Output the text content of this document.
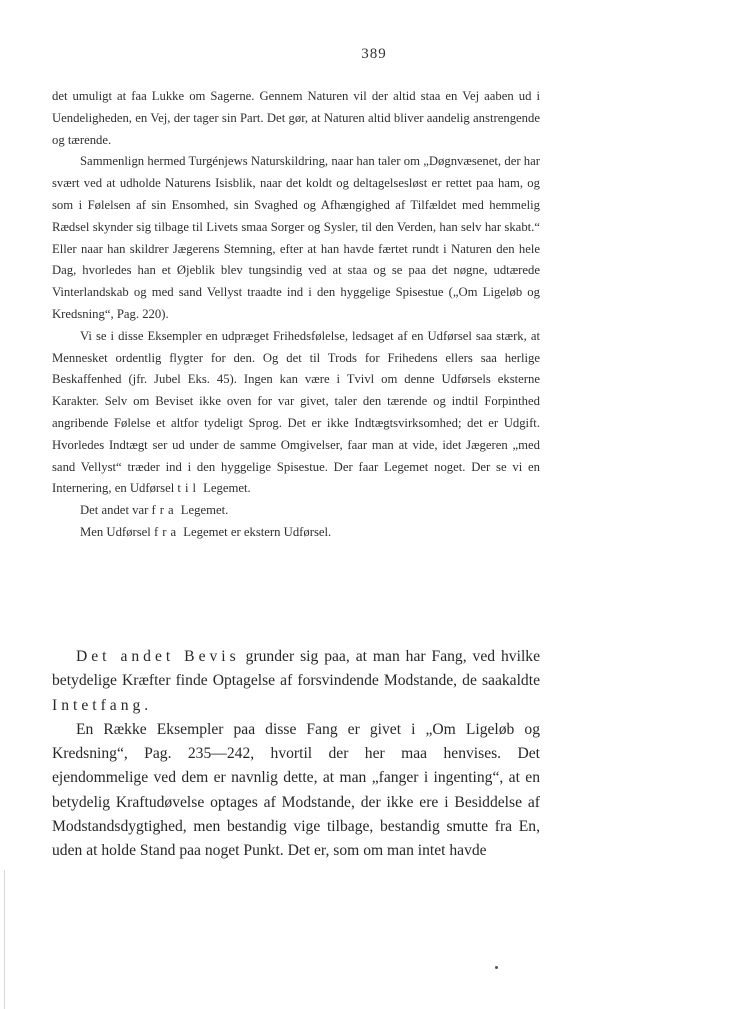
389

det umuligt at faa Lukke om Sagerne. Gennem Naturen vil der altid staa en Vej aaben ud i Uendeligheden, en Vej, der tager sin Part. Det gør, at Naturen altid bliver aandelig anstrengende og tærende.

Sammenlign hermed Turgénjews Naturskildring, naar han taler om „Døgnvæsenet, der har svært ved at udholde Naturens Isisblik, naar det koldt og deltagelsesløst er rettet paa ham, og som i Følelsen af sin Ensomhed, sin Svaghed og Afhængighed af Tilfældet med hemmelig Rædsel skynder sig tilbage til Livets smaa Sorger og Sysler, til den Verden, han selv har skabt.“ Eller naar han skildrer Jægerens Stemning, efter at han havde færtet rundt i Naturen den hele Dag, hvorledes han et Øjeblik blev tungsindig ved at staa og se paa det nøgne, udtærede Vinterlandskab og med sand Vellyst traadte ind i den hyggelige Spisestue („Om Ligeløb og Kredsning“, Pag. 220).

Vi se i disse Eksempler en udpræget Frihedsfølelse, ledsaget af en Udførsel saa stærk, at Mennesket ordentlig flygter for den. Og det til Trods for Frihedens ellers saa herlige Beskaffenhed (jfr. Jubel Eks. 45). Ingen kan være i Tvivl om denne Udførsels eksterne Karakter. Selv om Beviset ikke oven for var givet, taler den tærende og indtil Forpinthed angribende Følelse et altfor tydeligt Sprog. Det er ikke Indtægtsvirksomhed; det er Udgift. Hvorledes Indtægt ser ud under de samme Omgivelser, faar man at vide, idet Jægeren „med sand Vellyst“ træder ind i den hyggelige Spisestue. Der faar Legemet noget. Der se vi en Internering, en Udførsel til Legemet.

Det andet var fra Legemet.

Men Udførsel fra Legemet er ekstern Udførsel.

Det andet Bevis grunder sig paa, at man har Fang, ved hvilke betydelige Kræfter finde Optagelse af forsvindende Modstande, de saakaldte Intetfang.

En Række Eksempler paa disse Fang er givet i „Om Ligeløb og Kredsning“, Pag. 235—242, hvortil der her maa henvises. Det ejendommelige ved dem er navnlig dette, at man „fanger i ingenting“, at en betydelig Kraftudøvelse optages af Modstande, der ikke ere i Besiddelse af Modstandsdygtighed, men bestandig vige tilbage, bestandig smutte fra En, uden at holde Stand paa noget Punkt. Det er, som om man intet havde
